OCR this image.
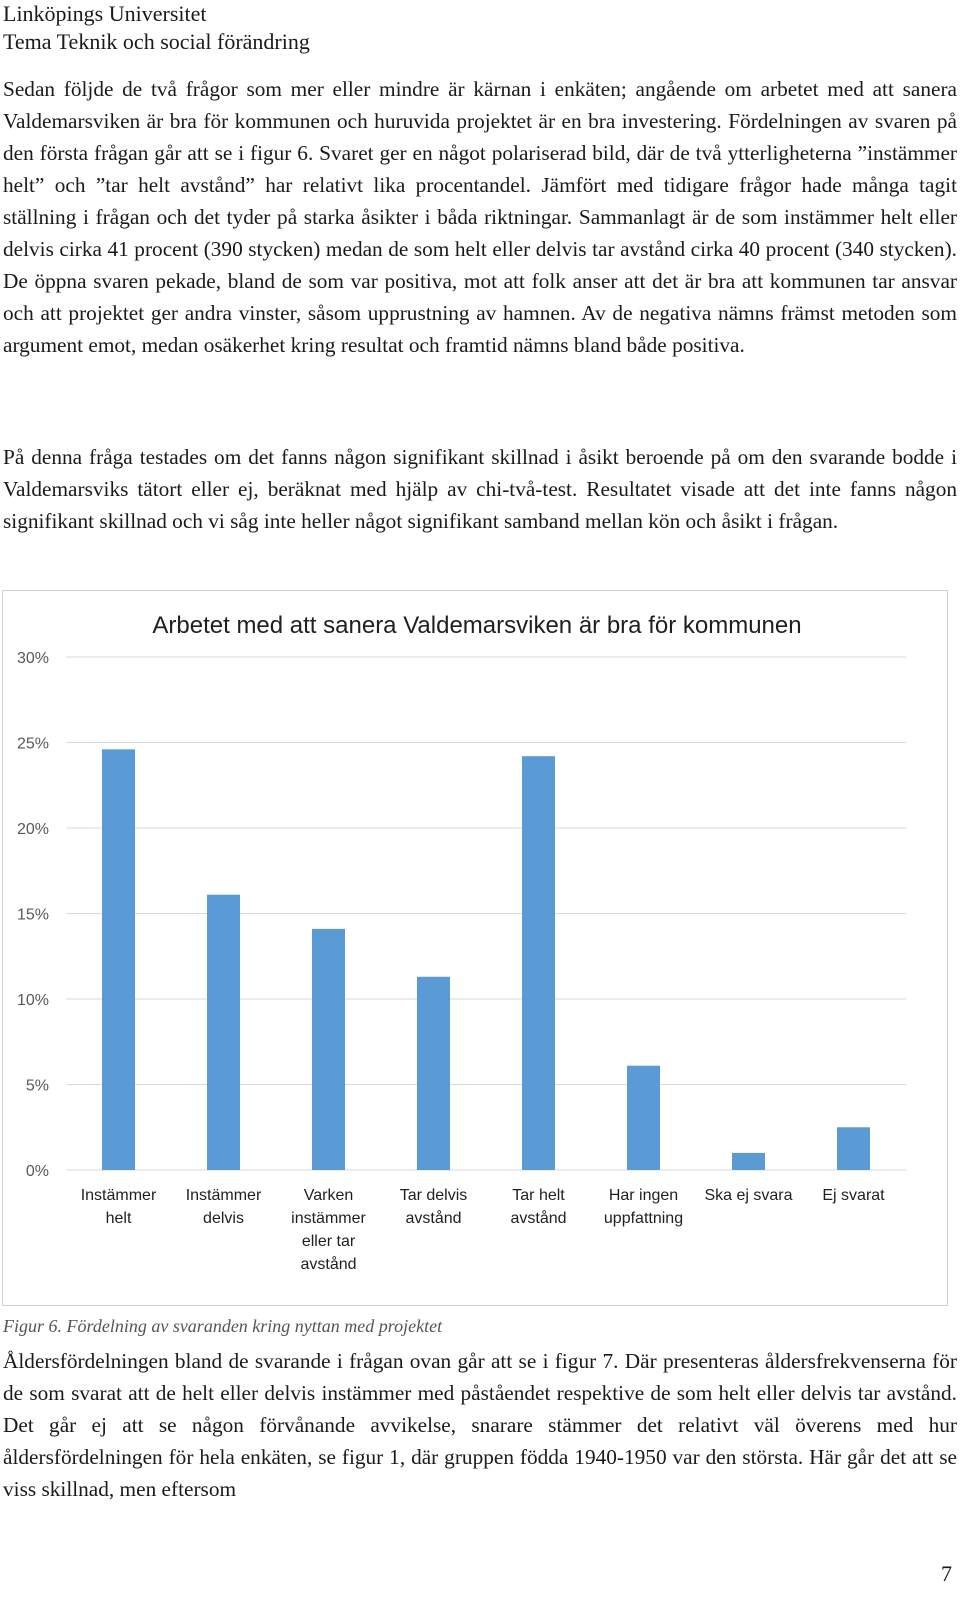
Linköpings Universitet
Tema Teknik och social förändring

Sedan följde de två frågor som mer eller mindre är kärnan i enkäten; angående om arbetet med att sanera Valdemarsviken är bra för kommunen och huruvida projektet är en bra investering. Fördelningen av svaren på den första frågan går att se i figur 6. Svaret ger en något polariserad bild, där de två ytterligheterna ”instämmer helt” och ”tar helt avstånd” har relativt lika procentandel. Jämfört med tidigare frågor hade många tagit ställning i frågan och det tyder på starka åsikter i båda riktningar. Sammanlagt är de som instämmer helt eller delvis cirka 41 procent (390 stycken) medan de som helt eller delvis tar avstånd cirka 40 procent (340 stycken). De öppna svaren pekade, bland de som var positiva, mot att folk anser att det är bra att kommunen tar ansvar och att projektet ger andra vinster, såsom upprustning av hamnen. Av de negativa nämns främst metoden som argument emot, medan osäkerhet kring resultat och framtid nämns bland både positiva.

På denna fråga testades om det fanns någon signifikant skillnad i åsikt beroende på om den svarande bodde i Valdemarsviks tätort eller ej, beräknat med hjälp av chi-två-test. Resultatet visade att det inte fanns någon signifikant skillnad och vi såg inte heller något signifikant samband mellan kön och åsikt i frågan.

Arbetet med att sanera Valdemarsviken är bra för kommunen
0%
5%
10%
15%
20%
25%
30%
Instämmer helt
Instämmer delvis
Varken instämmer eller tar avstånd
Tar delvis avstånd
Tar helt avstånd
Har ingen uppfattning
Ska ej svara Ej svarat
Figur 6. Fördelning av svaranden kring nyttan med projektet

Åldersfördelningen bland de svarande i frågan ovan går att se i figur 7. Där presenteras åldersfrekvenserna för de som svarat att de helt eller delvis instämmer med påståendet respektive de som helt eller delvis tar avstånd. Det går ej att se någon förvånande avvikelse, snarare stämmer det relativt väl överens med hur åldersfördelningen för hela enkäten, se figur 1, där gruppen födda 1940-1950 var den största. Här går det att se viss skillnad, men eftersom

7
